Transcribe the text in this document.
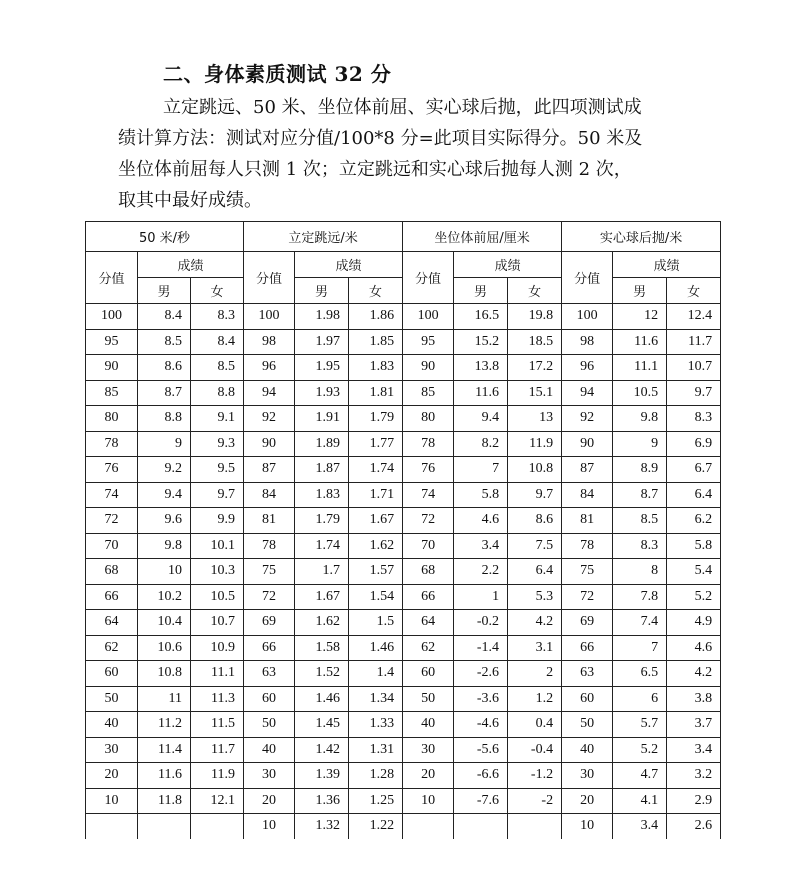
二、身体素质测试 32 分
立定跳远、50 米、坐位体前屈、实心球后抛，此四项测试成
绩计算方法：测试对应分值/100*8 分=此项目实际得分。50 米及
坐位体前屈每人只测 1 次；立定跳远和实心球后抛每人测 2 次，
取其中最好成绩。
50 米/秒			立定跳远/米			坐位体前屈/厘米			实心球后抛/米		
分值	成绩		分值	成绩		分值	成绩		分值	成绩	
	男	女		男	女		男	女		男	女
100	8.4	8.3	100	1.98	1.86	100	16.5	19.8	100	12	12.4
95	8.5	8.4	98	1.97	1.85	95	15.2	18.5	98	11.6	11.7
90	8.6	8.5	96	1.95	1.83	90	13.8	17.2	96	11.1	10.7
85	8.7	8.8	94	1.93	1.81	85	11.6	15.1	94	10.5	9.7
80	8.8	9.1	92	1.91	1.79	80	9.4	13	92	9.8	8.3
78	9	9.3	90	1.89	1.77	78	8.2	11.9	90	9	6.9
76	9.2	9.5	87	1.87	1.74	76	7	10.8	87	8.9	6.7
74	9.4	9.7	84	1.83	1.71	74	5.8	9.7	84	8.7	6.4
72	9.6	9.9	81	1.79	1.67	72	4.6	8.6	81	8.5	6.2
70	9.8	10.1	78	1.74	1.62	70	3.4	7.5	78	8.3	5.8
68	10	10.3	75	1.7	1.57	68	2.2	6.4	75	8	5.4
66	10.2	10.5	72	1.67	1.54	66	1	5.3	72	7.8	5.2
64	10.4	10.7	69	1.62	1.5	64	-0.2	4.2	69	7.4	4.9
62	10.6	10.9	66	1.58	1.46	62	-1.4	3.1	66	7	4.6
60	10.8	11.1	63	1.52	1.4	60	-2.6	2	63	6.5	4.2
50	11	11.3	60	1.46	1.34	50	-3.6	1.2	60	6	3.8
40	11.2	11.5	50	1.45	1.33	40	-4.6	0.4	50	5.7	3.7
30	11.4	11.7	40	1.42	1.31	30	-5.6	-0.4	40	5.2	3.4
20	11.6	11.9	30	1.39	1.28	20	-6.6	-1.2	30	4.7	3.2
10	11.8	12.1	20	1.36	1.25	10	-7.6	-2	20	4.1	2.9
			10	1.32	1.22				10	3.4	2.6
